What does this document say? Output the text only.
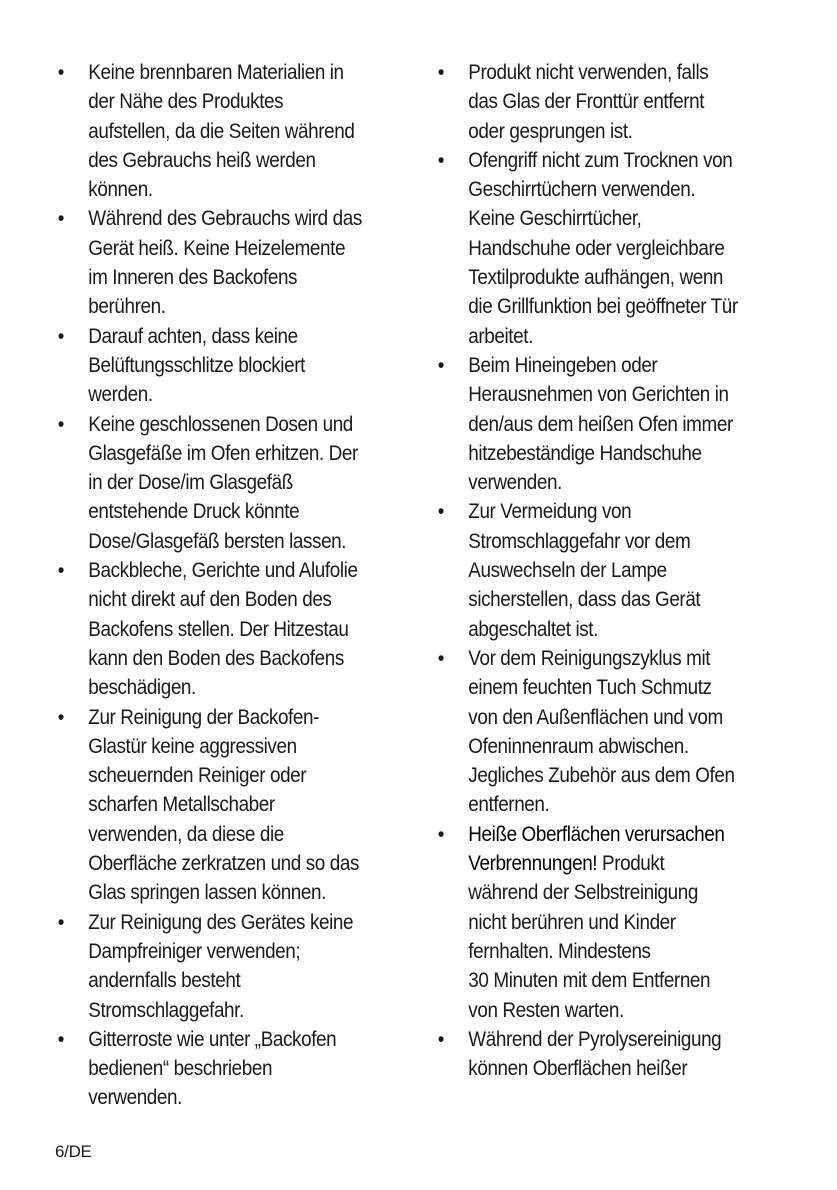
• Keine brennbaren Materialien in
der Nähe des Produktes
aufstellen, da die Seiten während
des Gebrauchs heiß werden
können.
• Während des Gebrauchs wird das
Gerät heiß. Keine Heizelemente
im Inneren des Backofens
berühren.
• Darauf achten, dass keine
Belüftungsschlitze blockiert
werden.
• Keine geschlossenen Dosen und
Glasgefäße im Ofen erhitzen. Der
in der Dose/im Glasgefäß
entstehende Druck könnte
Dose/Glasgefäß bersten lassen.
• Backbleche, Gerichte und Alufolie
nicht direkt auf den Boden des
Backofens stellen. Der Hitzestau
kann den Boden des Backofens
beschädigen.
• Zur Reinigung der Backofen-
Glastür keine aggressiven
scheuernden Reiniger oder
scharfen Metallschaber
verwenden, da diese die
Oberfläche zerkratzen und so das
Glas springen lassen können.
• Zur Reinigung des Gerätes keine
Dampfreiniger verwenden;
andernfalls besteht
Stromschlaggefahr.
• Gitterroste wie unter „Backofen
bedienen“ beschrieben
verwenden.
• Produkt nicht verwenden, falls
das Glas der Fronttür entfernt
oder gesprungen ist.
• Ofengriff nicht zum Trocknen von
Geschirrtüchern verwenden.
Keine Geschirrtücher,
Handschuhe oder vergleichbare
Textilprodukte aufhängen, wenn
die Grillfunktion bei geöffneter Tür
arbeitet.
• Beim Hineingeben oder
Herausnehmen von Gerichten in
den/aus dem heißen Ofen immer
hitzebeständige Handschuhe
verwenden.
• Zur Vermeidung von
Stromschlaggefahr vor dem
Auswechseln der Lampe
sicherstellen, dass das Gerät
abgeschaltet ist.
• Vor dem Reinigungszyklus mit
einem feuchten Tuch Schmutz
von den Außenflächen und vom
Ofeninnenraum abwischen.
Jegliches Zubehör aus dem Ofen
entfernen.
• Heiße Oberflächen verursachen
Verbrennungen! Produkt
während der Selbstreinigung
nicht berühren und Kinder
fernhalten. Mindestens
30 Minuten mit dem Entfernen
von Resten warten.
• Während der Pyrolysereinigung
können Oberflächen heißer
6/DE
